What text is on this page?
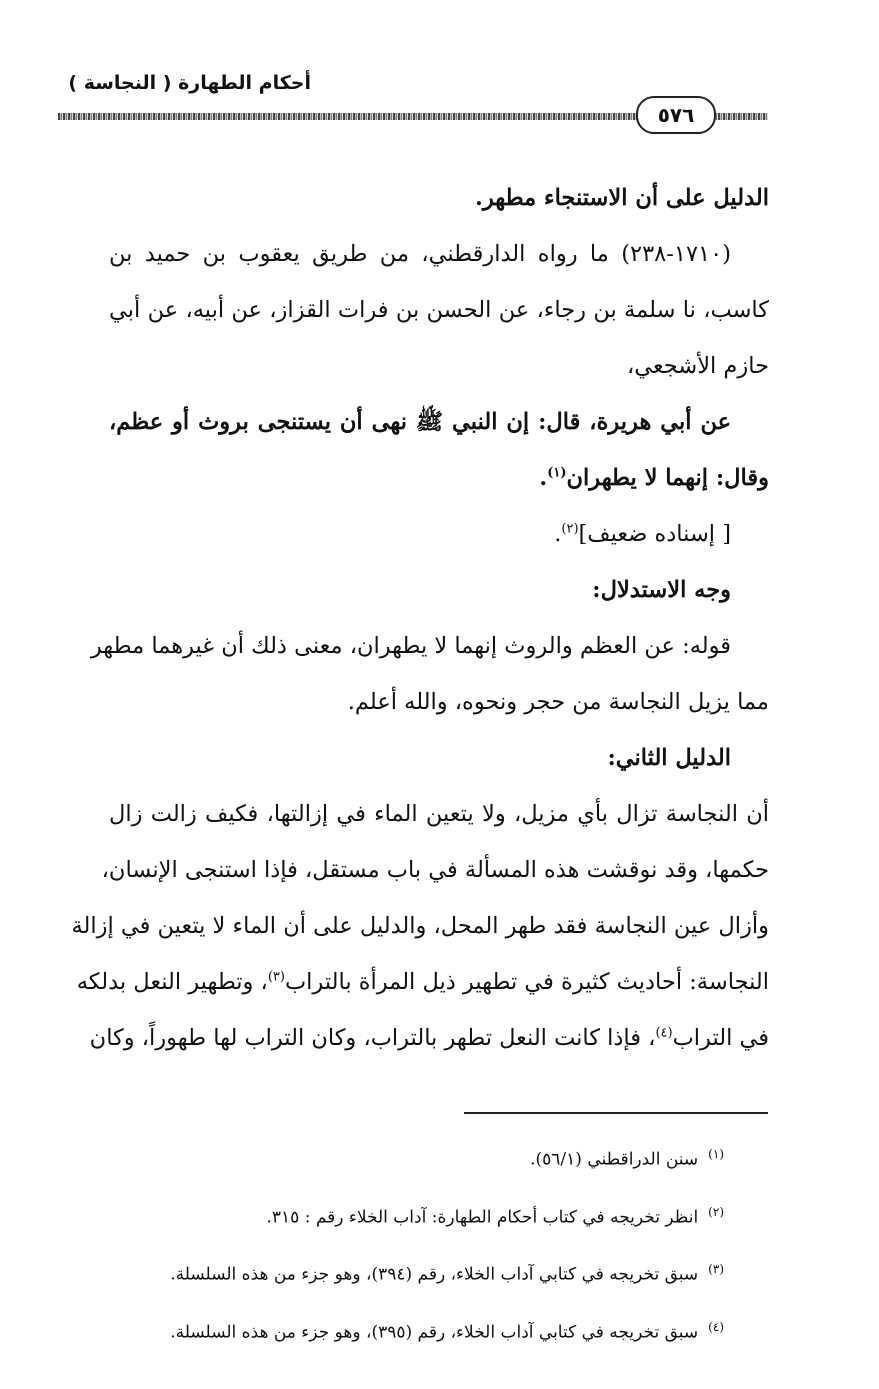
أحكام الطهارة ( النجاسة )
٥٧٦
الدليل على أن الاستنجاء مطهر.
(١٧١٠-٢٣٨) ما رواه الدارقطني، من طريق يعقوب بن حميد بن
كاسب، نا سلمة بن رجاء، عن الحسن بن فرات القزاز، عن أبيه، عن أبي
حازم الأشجعي،
عن أبي هريرة، قال: إن النبي ﷺ نهى أن يستنجى بروث أو عظم،
وقال: إنهما لا يطهران$^{(١)}$.
[ إسناده ضعيف]$^{(٢)}$.
وجه الاستدلال:
قوله: عن العظم والروث إنهما لا يطهران، معنى ذلك أن غيرهما مطهر
مما يزيل النجاسة من حجر ونحوه، والله أعلم.
الدليل الثاني:
أن النجاسة تزال بأي مزيل، ولا يتعين الماء في إزالتها، فكيف زالت زال
حكمها، وقد نوقشت هذه المسألة في باب مستقل، فإذا استنجى الإنسان،
وأزال عين النجاسة فقد طهر المحل، والدليل على أن الماء لا يتعين في إزالة
النجاسة: أحاديث كثيرة في تطهير ذيل المرأة بالتراب$^{(٣)}$، وتطهير النعل بدلكه
في التراب$^{(٤)}$، فإذا كانت النعل تطهر بالتراب، وكان التراب لها طهوراً، وكان
$^{(١)}$سنن الدراقطني (٥٦/١).
$^{(٢)}$انظر تخريجه في كتاب أحكام الطهارة: آداب الخلاء رقم : ٣١٥.
$^{(٣)}$سبق تخريجه في كتابي آداب الخلاء، رقم (٣٩٤)، وهو جزء من هذه السلسلة.
$^{(٤)}$سبق تخريجه في كتابي آداب الخلاء، رقم (٣٩٥)، وهو جزء من هذه السلسلة.
